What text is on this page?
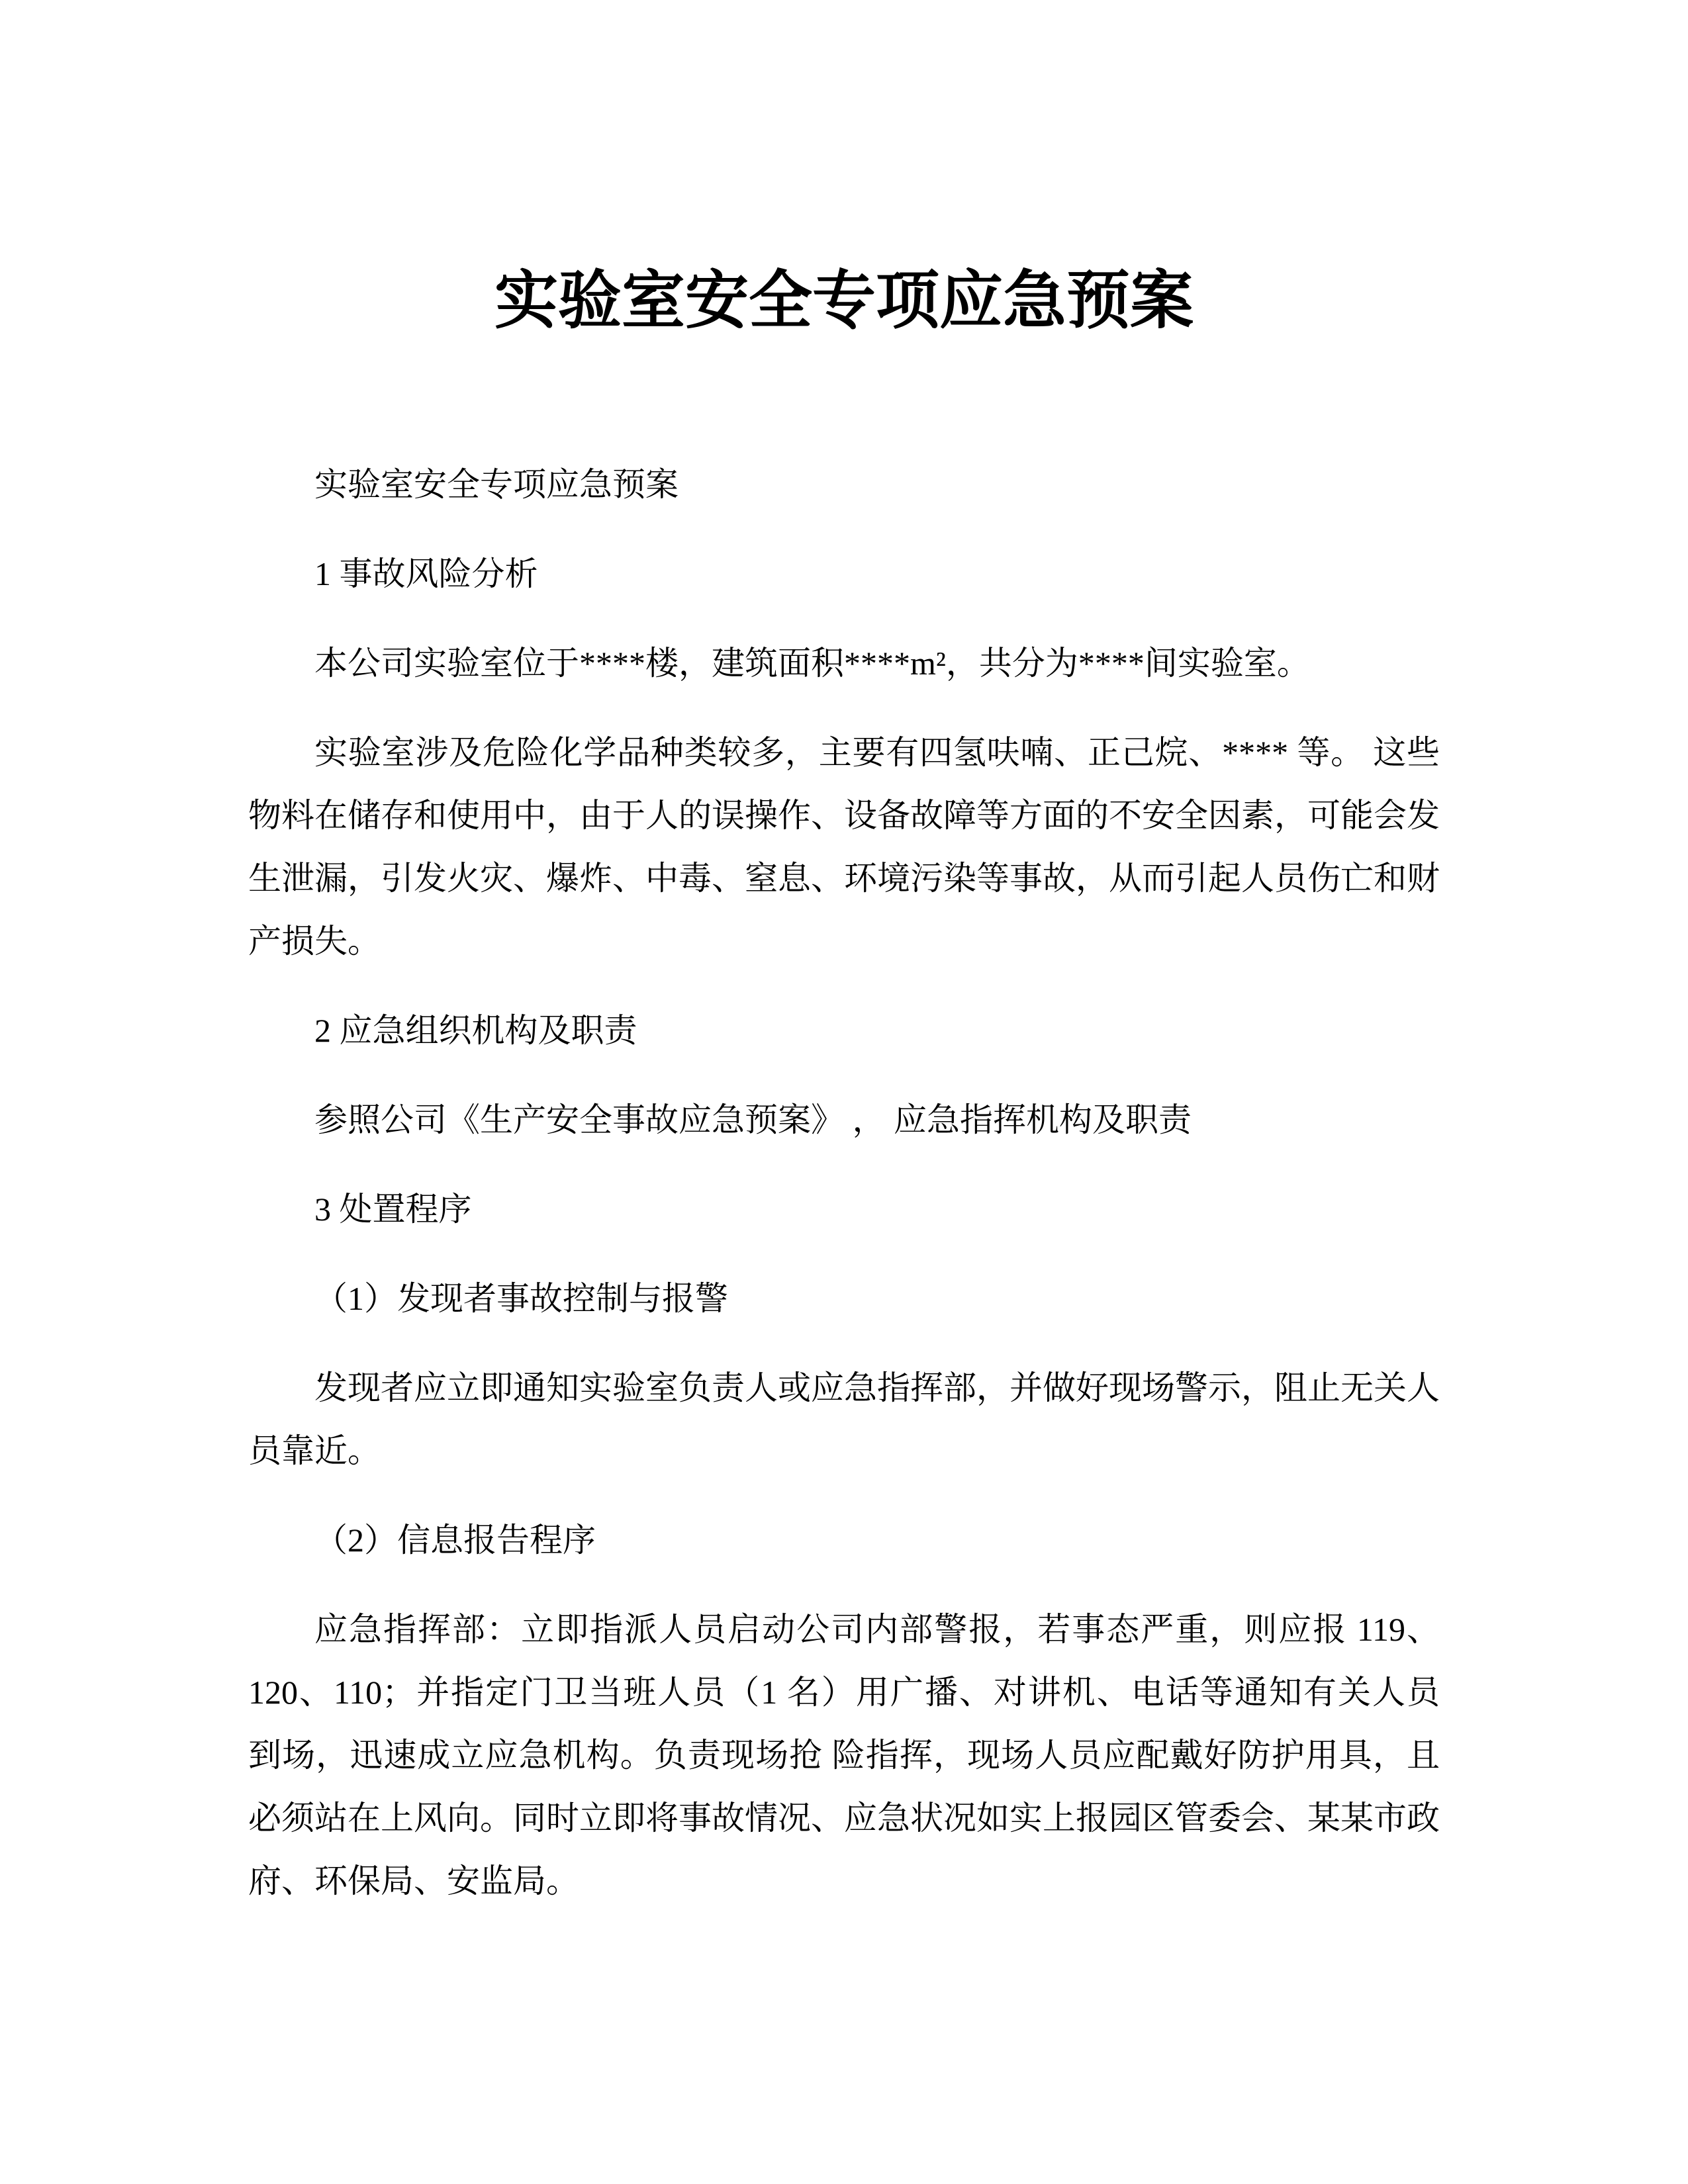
实验室安全专项应急预案
实验室安全专项应急预案
1 事故风险分析
本公司实验室位于****楼，建筑面积****m²，共分为****间实验室。
实验室涉及危险化学品种类较多，主要有四氢呋喃、正己烷、**** 等。 这些
物料在储存和使用中，由于人的误操作、设备故障等方面的不安全因素，可能会发
生泄漏，引发火灾、爆炸、中毒、窒息、环境污染等事故，从而引起人员伤亡和财
产损失。
2 应急组织机构及职责
参照公司《生产安全事故应急预案》 ， 应急指挥机构及职责
3 处置程序
（1）发现者事故控制与报警
发现者应立即通知实验室负责人或应急指挥部，并做好现场警示，阻止无关人
员靠近。
（2）信息报告程序
应急指挥部：立即指派人员启动公司内部警报，若事态严重，则应报 119、
120、110；并指定门卫当班人员（1 名）用广播、对讲机、电话等通知有关人员
到场，迅速成立应急机构。负责现场抢 险指挥，现场人员应配戴好防护用具，且
必须站在上风向。同时立即将事故情况、应急状况如实上报园区管委会、某某市政
府、环保局、安监局。
